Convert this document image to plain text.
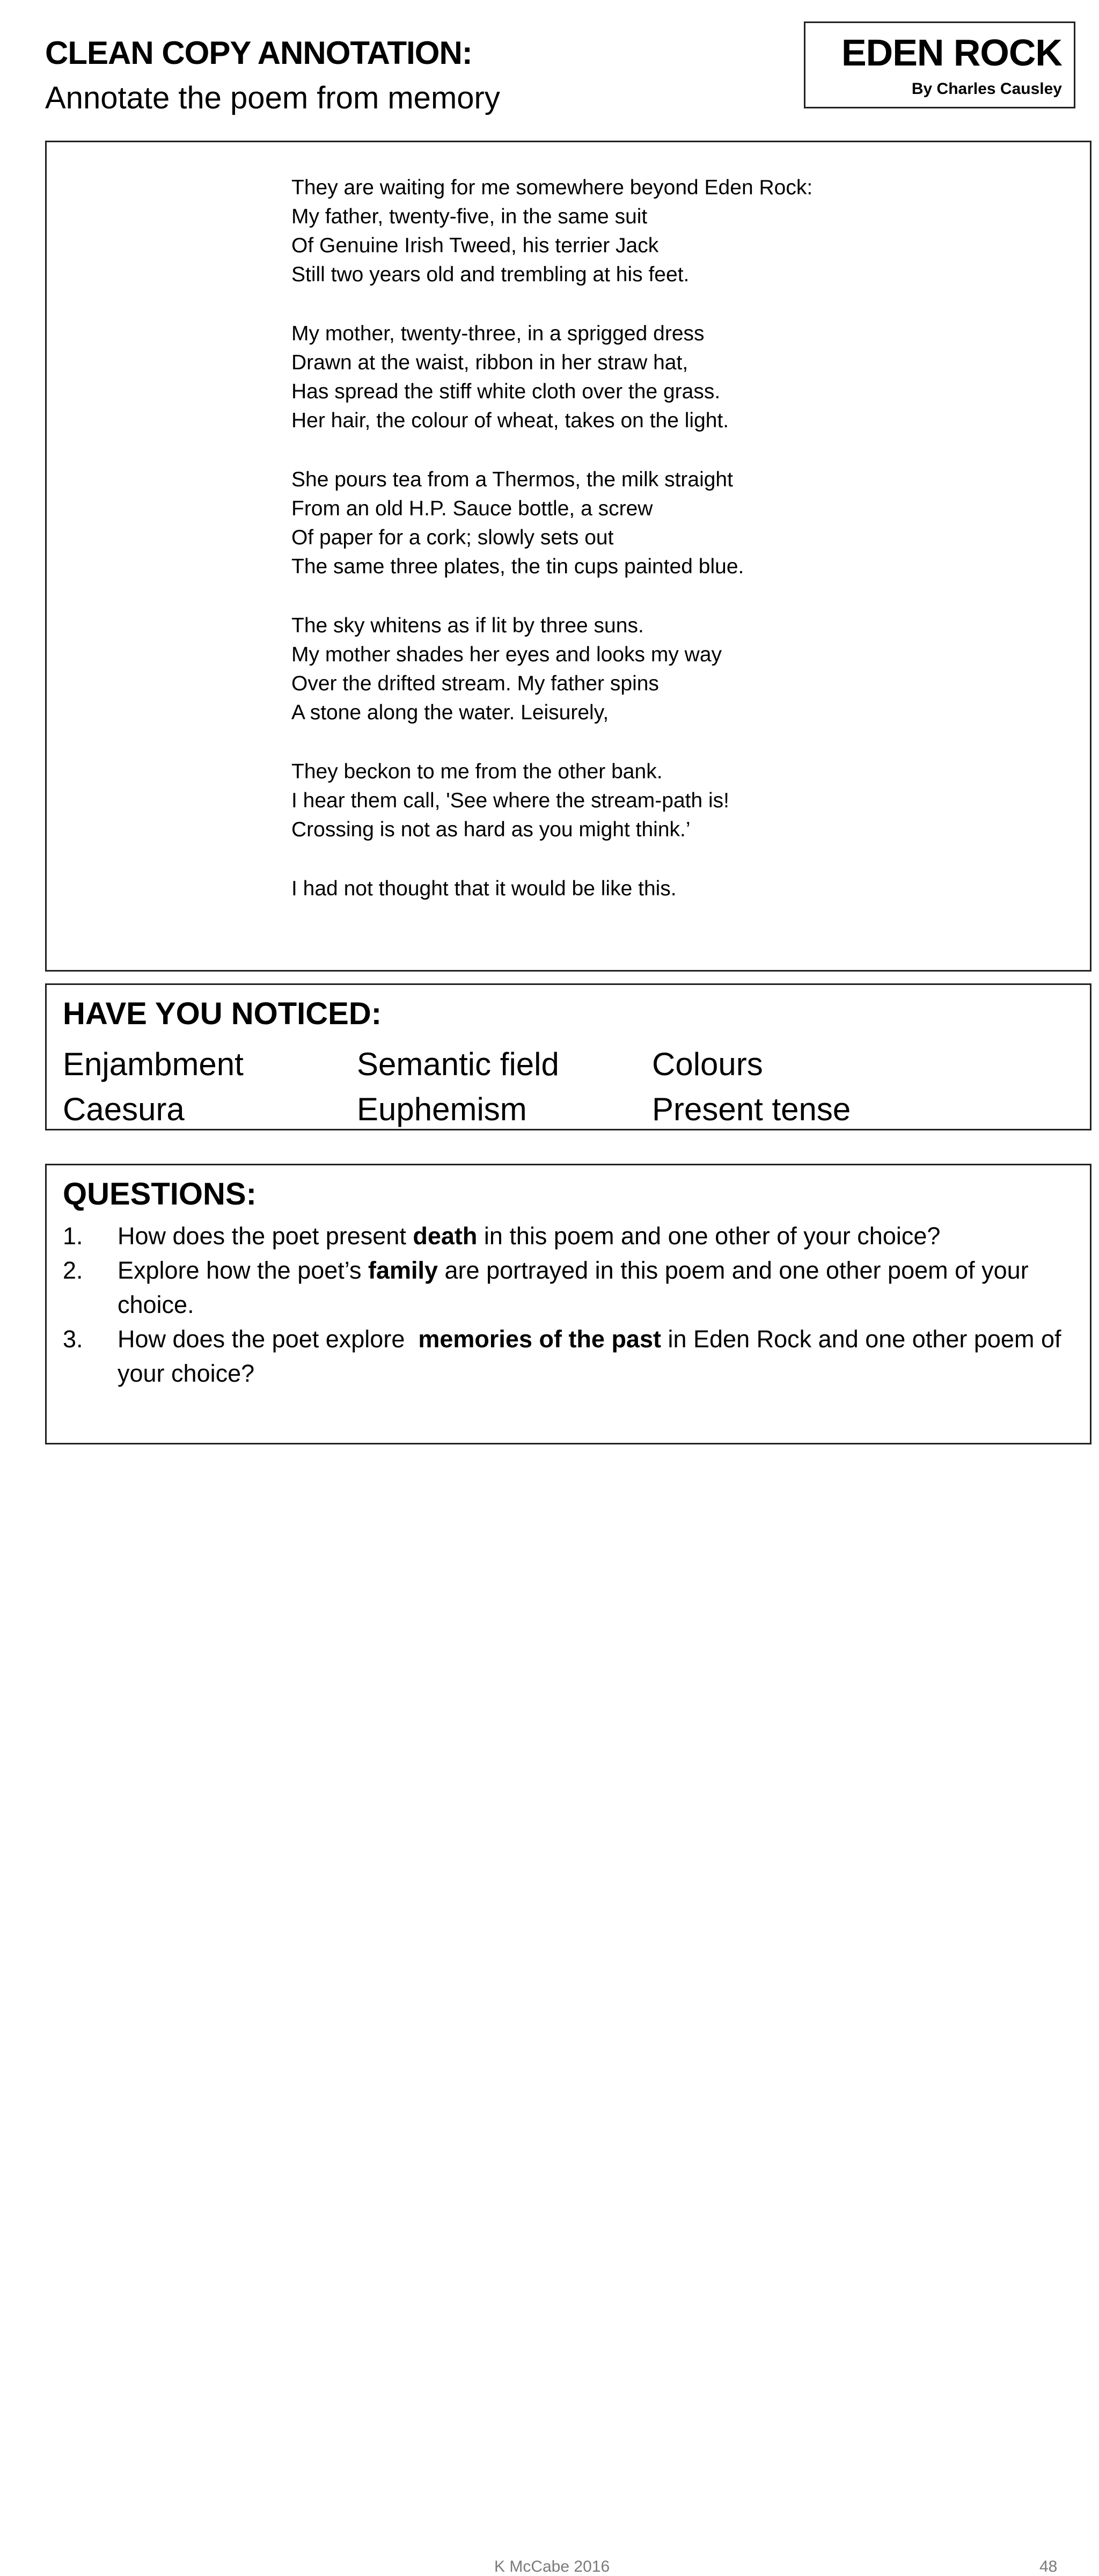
CLEAN COPY ANNOTATION:
Annotate the poem from memory
EDEN ROCK
By Charles Causley
They are waiting for me somewhere beyond Eden Rock:
My father, twenty-five, in the same suit
Of Genuine Irish Tweed, his terrier Jack
Still two years old and trembling at his feet.
My mother, twenty-three, in a sprigged dress
Drawn at the waist, ribbon in her straw hat,
Has spread the stiff white cloth over the grass.
Her hair, the colour of wheat, takes on the light.
She pours tea from a Thermos, the milk straight
From an old H.P. Sauce bottle, a screw
Of paper for a cork; slowly sets out
The same three plates, the tin cups painted blue.
The sky whitens as if lit by three suns.
My mother shades her eyes and looks my way
Over the drifted stream. My father spins
A stone along the water. Leisurely,
They beckon to me from the other bank.
I hear them call, 'See where the stream-path is!
Crossing is not as hard as you might think.’
I had not thought that it would be like this.
HAVE YOU NOTICED:
Enjambment	Semantic field	Colours
Caesura	Euphemism	Present tense
QUESTIONS:
1.	How does the poet present death in this poem and one other of your choice?
2.	Explore how the poet’s family are portrayed in this poem and one other poem of your choice.
3.	How does the poet explore  memories of the past in Eden Rock and one other poem of your choice?
K McCabe 2016	48
